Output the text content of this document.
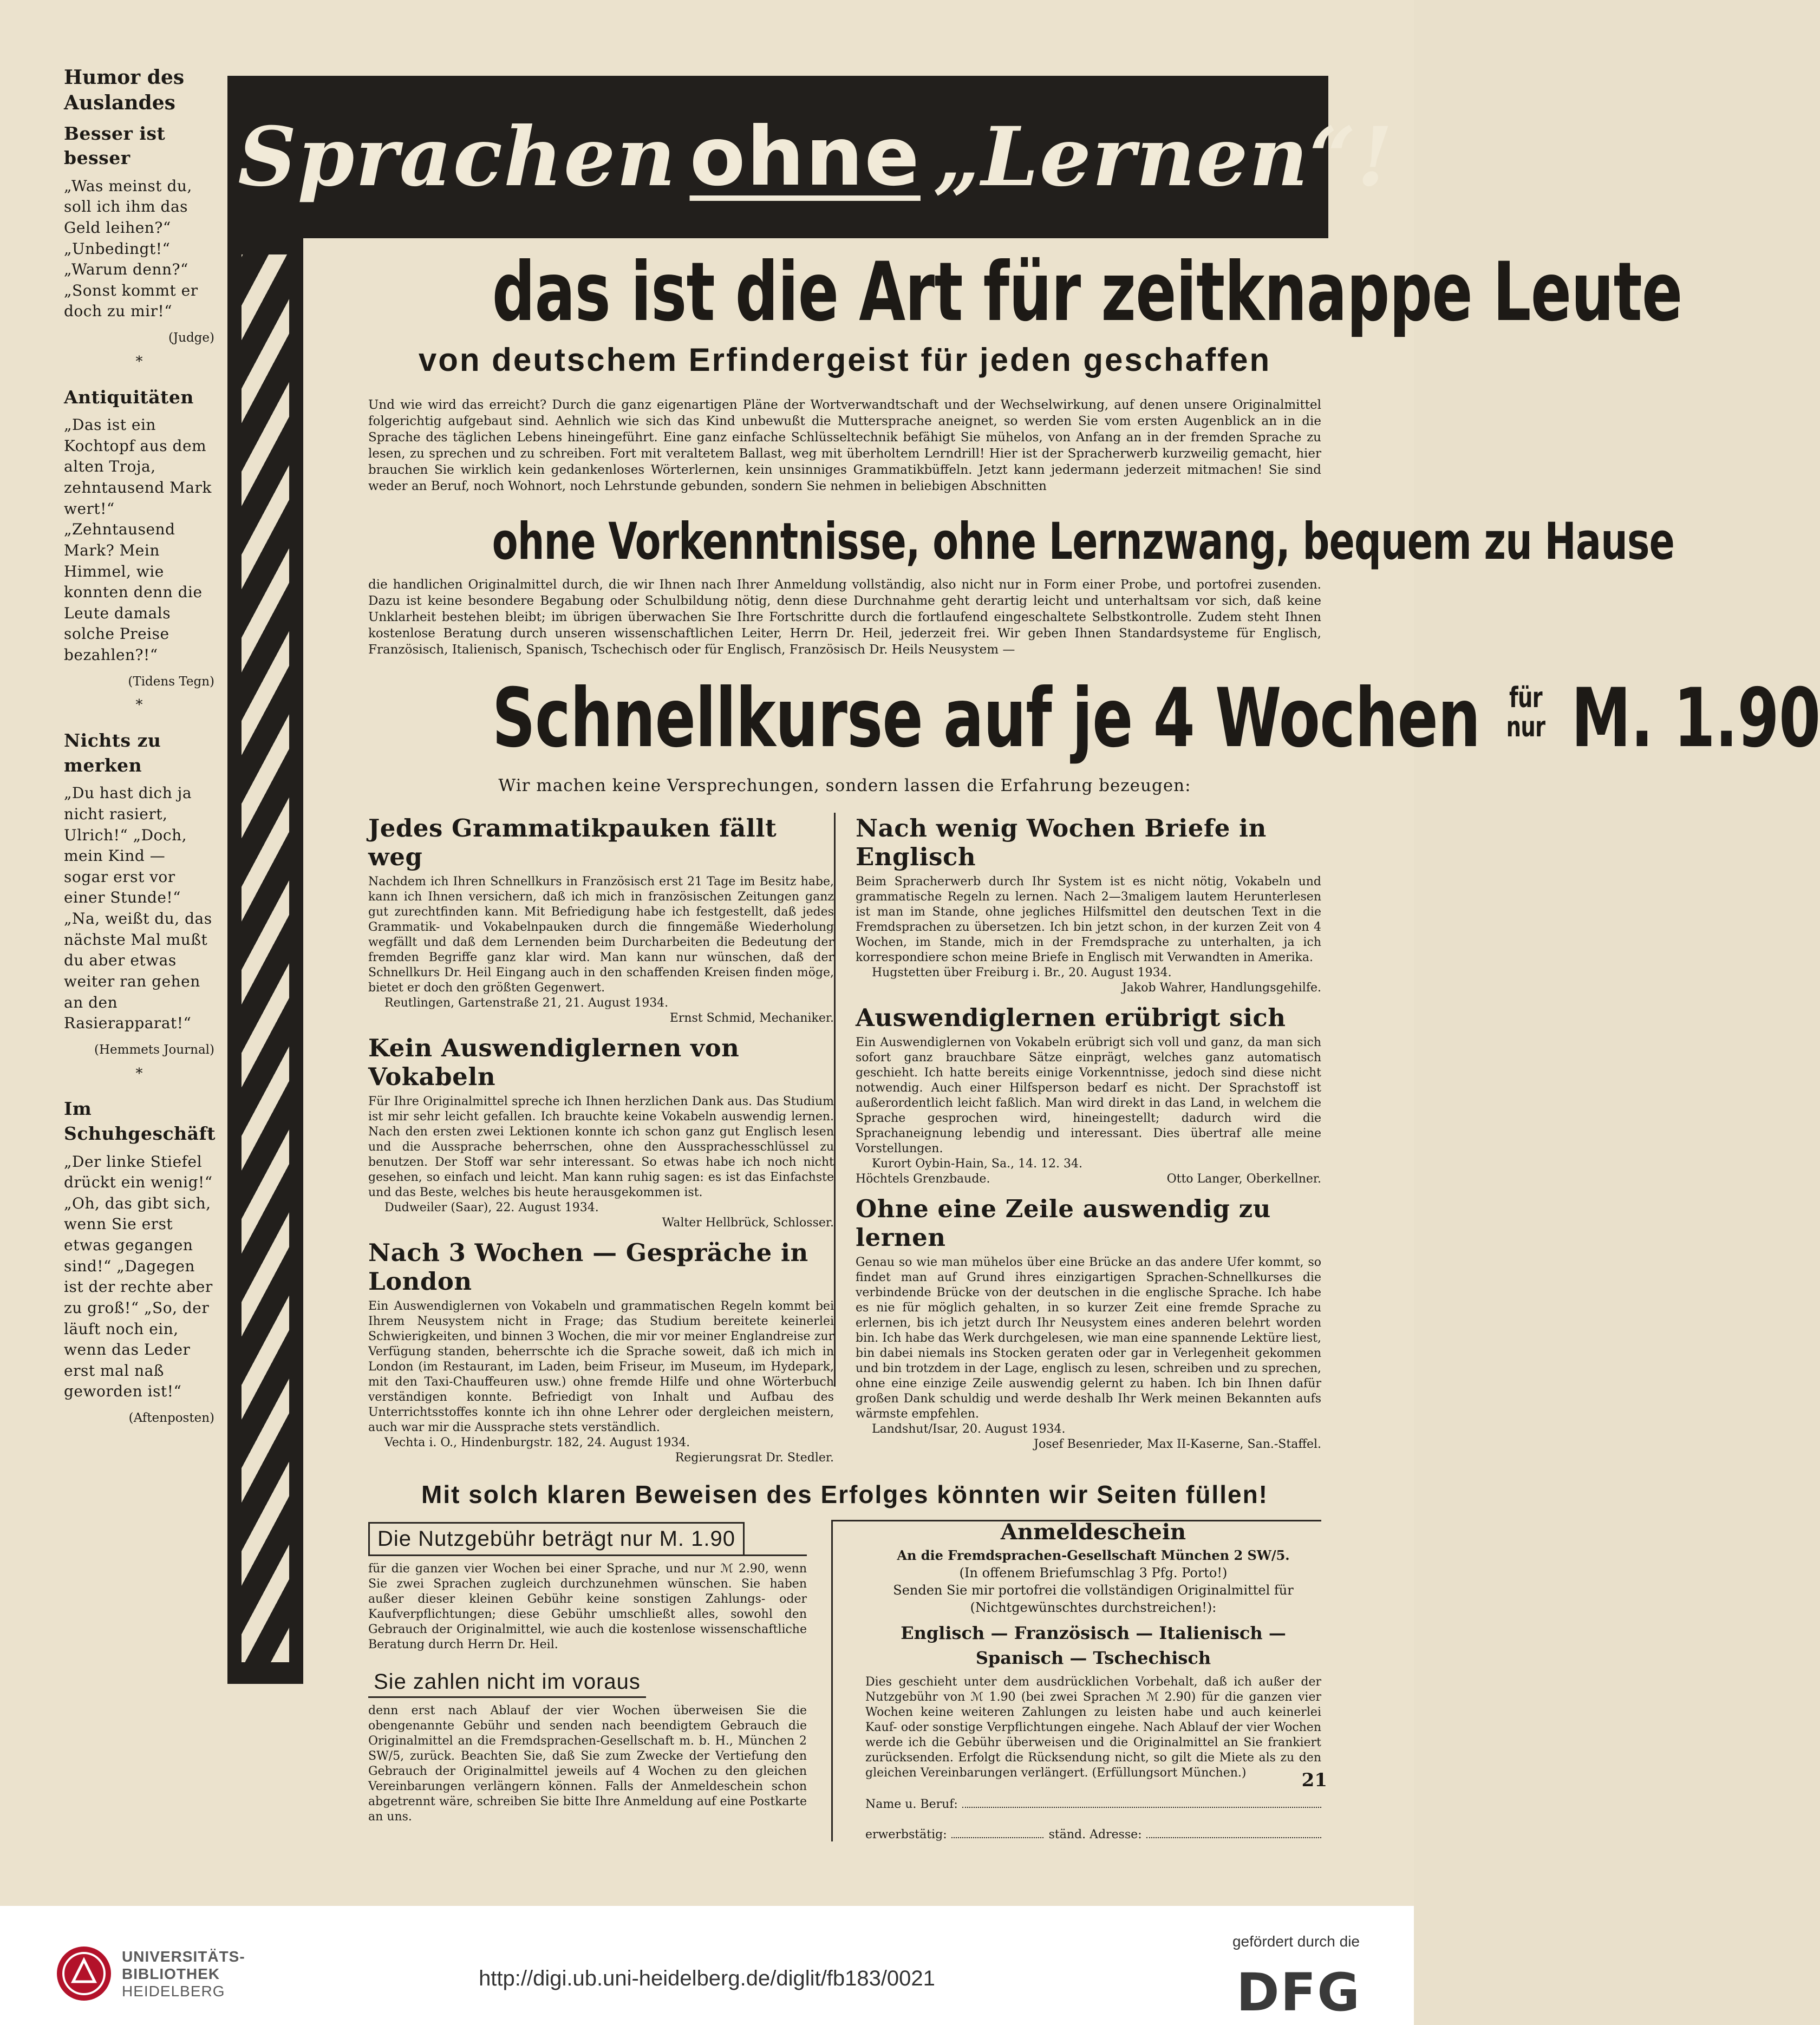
Humor des Auslandes
Besser ist besser
„Was meinst du, soll ich ihm das Geld leihen?“ „Unbedingt!“ „Warum denn?“ „Sonst kommt er doch zu mir!“
(Judge)
*
Antiquitäten
„Das ist ein Kochtopf aus dem alten Troja, zehntausend Mark wert!“ „Zehntausend Mark? Mein Himmel, wie konnten denn die Leute damals solche Preise bezahlen?!“
(Tidens Tegn)
*
Nichts zu merken
„Du hast dich ja nicht rasiert, Ulrich!“ „Doch, mein Kind — sogar erst vor einer Stunde!“ „Na, weißt du, das nächste Mal mußt du aber etwas weiter ran gehen an den Rasierapparat!“
(Hemmets Journal)
*
Im Schuhgeschäft
„Der linke Stiefel drückt ein wenig!“ „Oh, das gibt sich, wenn Sie erst etwas gegangen sind!“ „Dagegen ist der rechte aber zu groß!“ „So, der läuft noch ein, wenn das Leder erst mal naß geworden ist!“
(Aftenposten)
Sprachen ohne „Lernen“!
das ist die Art für zeitknappe Leute
von deutschem Erfindergeist für jeden geschaffen

Und wie wird das erreicht? Durch die ganz eigenartigen Pläne der Wortverwandtschaft und der Wechselwirkung, auf denen unsere Originalmittel folgerichtig aufgebaut sind. Aehnlich wie sich das Kind unbewußt die Muttersprache aneignet, so werden Sie vom ersten Augenblick an in die Sprache des täglichen Lebens hineingeführt. Eine ganz einfache Schlüsseltechnik befähigt Sie mühelos, von Anfang an in der fremden Sprache zu lesen, zu sprechen und zu schreiben. Fort mit veraltetem Ballast, weg mit überholtem Lerndrill! Hier ist der Spracherwerb kurzweilig gemacht, hier brauchen Sie wirklich kein gedankenloses Wörterlernen, kein unsinniges Grammatikbüffeln. Jetzt kann jedermann jederzeit mitmachen! Sie sind weder an Beruf, noch Wohnort, noch Lehrstunde gebunden, sondern Sie nehmen in beliebigen Abschnitten

ohne Vorkenntnisse, ohne Lernzwang, bequem zu Hause

die handlichen Originalmittel durch, die wir Ihnen nach Ihrer Anmeldung vollständig, also nicht nur in Form einer Probe, und portofrei zusenden. Dazu ist keine besondere Begabung oder Schulbildung nötig, denn diese Durchnahme geht derartig leicht und unterhaltsam vor sich, daß keine Unklarheit bestehen bleibt; im übrigen überwachen Sie Ihre Fortschritte durch die fortlaufend eingeschaltete Selbstkontrolle. Zudem steht Ihnen kostenlose Beratung durch unseren wissenschaftlichen Leiter, Herrn Dr. Heil, jederzeit frei. Wir geben Ihnen Standardsysteme für Englisch, Französisch, Italienisch, Spanisch, Tschechisch oder für Englisch, Französisch Dr. Heils Neusystem —

Schnellkurse auf je 4 Wochen für
nur M. 1.90
Wir machen keine Versprechungen, sondern lassen die Erfahrung bezeugen:
Jedes Grammatikpauken fällt weg

Nachdem ich Ihren Schnellkurs in Französisch erst 21 Tage im Besitz habe, kann ich Ihnen versichern, daß ich mich in französischen Zeitungen ganz gut zurechtfinden kann. Mit Befriedigung habe ich festgestellt, daß jedes Grammatik- und Vokabelnpauken durch die finngemäße Wiederholung wegfällt und daß dem Lernenden beim Durcharbeiten die Bedeutung der fremden Begriffe ganz klar wird. Man kann nur wünschen, daß der Schnellkurs Dr. Heil Eingang auch in den schaffenden Kreisen finden möge, bietet er doch den größten Gegenwert.

Reutlingen, Gartenstraße 21, 21. August 1934.

Ernst Schmid, Mechaniker.

Kein Auswendiglernen von Vokabeln

Für Ihre Originalmittel spreche ich Ihnen herzlichen Dank aus. Das Studium ist mir sehr leicht gefallen. Ich brauchte keine Vokabeln auswendig lernen. Nach den ersten zwei Lektionen konnte ich schon ganz gut Englisch lesen und die Aussprache beherrschen, ohne den Aussprachesschlüssel zu benutzen. Der Stoff war sehr interessant. So etwas habe ich noch nicht gesehen, so einfach und leicht. Man kann ruhig sagen: es ist das Einfachste und das Beste, welches bis heute herausgekommen ist.

Dudweiler (Saar), 22. August 1934.

Walter Hellbrück, Schlosser.

Nach 3 Wochen — Gespräche in London

Ein Auswendiglernen von Vokabeln und grammatischen Regeln kommt bei Ihrem Neusystem nicht in Frage; das Studium bereitete keinerlei Schwierigkeiten, und binnen 3 Wochen, die mir vor meiner Englandreise zur Verfügung standen, beherrschte ich die Sprache soweit, daß ich mich in London (im Restaurant, im Laden, beim Friseur, im Museum, im Hydepark, mit den Taxi-Chauffeuren usw.) ohne fremde Hilfe und ohne Wörterbuch verständigen konnte. Befriedigt von Inhalt und Aufbau des Unterrichtsstoffes konnte ich ihn ohne Lehrer oder dergleichen meistern, auch war mir die Aussprache stets verständlich.

Vechta i. O., Hindenburgstr. 182, 24. August 1934.

Regierungsrat Dr. Stedler.

Nach wenig Wochen Briefe in Englisch

Beim Spracherwerb durch Ihr System ist es nicht nötig, Vokabeln und grammatische Regeln zu lernen. Nach 2—3maligem lautem Herunterlesen ist man im Stande, ohne jegliches Hilfsmittel den deutschen Text in die Fremdsprachen zu übersetzen. Ich bin jetzt schon, in der kurzen Zeit von 4 Wochen, im Stande, mich in der Fremdsprache zu unterhalten, ja ich korrespondiere schon meine Briefe in Englisch mit Verwandten in Amerika.

Hugstetten über Freiburg i. Br., 20. August 1934.

Jakob Wahrer, Handlungsgehilfe.

Auswendiglernen erübrigt sich

Ein Auswendiglernen von Vokabeln erübrigt sich voll und ganz, da man sich sofort ganz brauchbare Sätze einprägt, welches ganz automatisch geschieht. Ich hatte bereits einige Vorkenntnisse, jedoch sind diese nicht notwendig. Auch einer Hilfsperson bedarf es nicht. Der Sprachstoff ist außerordentlich leicht faßlich. Man wird direkt in das Land, in welchem die Sprache gesprochen wird, hineingestellt; dadurch wird die Sprachaneignung lebendig und interessant. Dies übertraf alle meine Vorstellungen.

Kurort Oybin-Hain, Sa., 14. 12. 34.

Höchtels Grenzbaude.	Otto Langer, Oberkellner.

Ohne eine Zeile auswendig zu lernen

Genau so wie man mühelos über eine Brücke an das andere Ufer kommt, so findet man auf Grund ihres einzigartigen Sprachen-Schnellkurses die verbindende Brücke von der deutschen in die englische Sprache. Ich habe es nie für möglich gehalten, in so kurzer Zeit eine fremde Sprache zu erlernen, bis ich jetzt durch Ihr Neusystem eines anderen belehrt worden bin. Ich habe das Werk durchgelesen, wie man eine spannende Lektüre liest, bin dabei niemals ins Stocken geraten oder gar in Verlegenheit gekommen und bin trotzdem in der Lage, englisch zu lesen, schreiben und zu sprechen, ohne eine einzige Zeile auswendig gelernt zu haben. Ich bin Ihnen dafür großen Dank schuldig und werde deshalb Ihr Werk meinen Bekannten aufs wärmste empfehlen.

Landshut/Isar, 20. August 1934.

Josef Besenrieder, Max II-Kaserne, San.-Staffel.

Mit solch klaren Beweisen des Erfolges könnten wir Seiten füllen!
Die Nutzgebühr beträgt nur M. 1.90

für die ganzen vier Wochen bei einer Sprache, und nur ℳ 2.90, wenn Sie zwei Sprachen zugleich durchzunehmen wünschen. Sie haben außer dieser kleinen Gebühr keine sonstigen Zahlungs- oder Kaufverpflichtungen; diese Gebühr umschließt alles, sowohl den Gebrauch der Originalmittel, wie auch die kostenlose wissenschaftliche Beratung durch Herrn Dr. Heil.

Sie zahlen nicht im voraus

denn erst nach Ablauf der vier Wochen überweisen Sie die obengenannte Gebühr und senden nach beendigtem Gebrauch die Originalmittel an die Fremdsprachen-Gesellschaft m. b. H., München 2 SW/5, zurück. Beachten Sie, daß Sie zum Zwecke der Vertiefung den Gebrauch der Originalmittel jeweils auf 4 Wochen zu den gleichen Vereinbarungen verlängern können. Falls der Anmeldeschein schon abgetrennt wäre, schreiben Sie bitte Ihre Anmeldung auf eine Postkarte an uns.

Anmeldeschein

An die Fremdsprachen-Gesellschaft München 2 SW/5.

(In offenem Briefumschlag 3 Pfg. Porto!)

Senden Sie mir portofrei die vollständigen Originalmittel für (Nichtgewünschtes durchstreichen!):

Englisch — Französisch — Italienisch —
Spanisch — Tschechisch

Dies geschieht unter dem ausdrücklichen Vorbehalt, daß ich außer der Nutzgebühr von ℳ 1.90 (bei zwei Sprachen ℳ 2.90) für die ganzen vier Wochen keine weiteren Zahlungen zu leisten habe und auch keinerlei Kauf- oder sonstige Verpflichtungen eingehe. Nach Ablauf der vier Wochen werde ich die Gebühr überweisen und die Originalmittel an Sie frankiert zurücksenden. Erfolgt die Rücksendung nicht, so gilt die Miete als zu den gleichen Vereinbarungen verlängert. (Erfüllungsort München.)

Name u. Beruf:
erwerbstätig:	ständ. Adresse:
21
UNIVERSITÄTS-
BIBLIOTHEK
HEIDELBERG
http://digi.ub.uni-heidelberg.de/diglit/fb183/0021
gefördert durch die
DFG
